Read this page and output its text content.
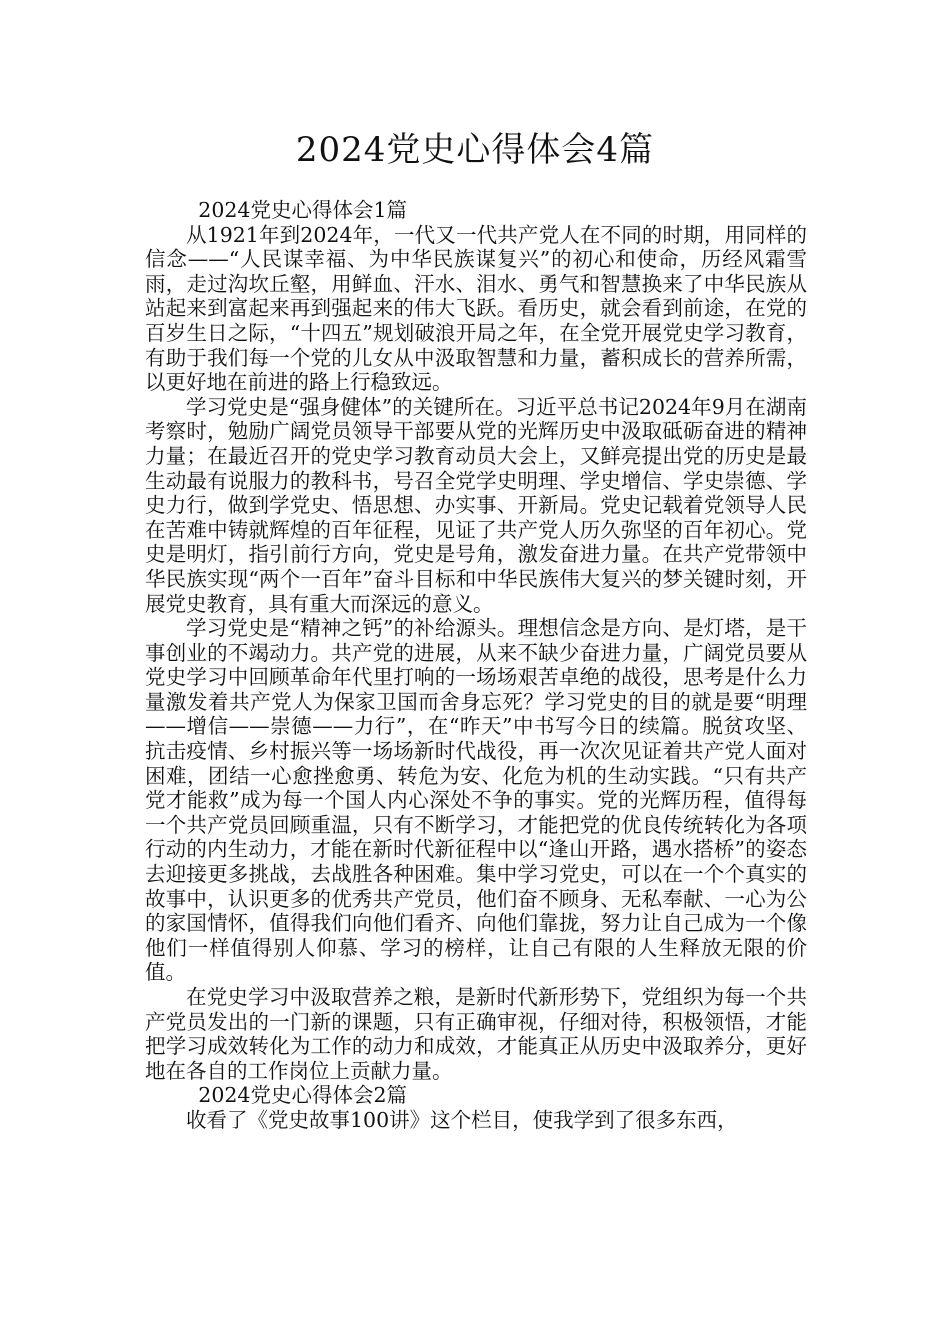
2024党史心得体会4篇

2024党史心得体会1篇

从1921年到2024年，一代又一代共产党人在不同的时期，用同样的信念——“人民谋幸福、为中华民族谋复兴”的初心和使命，历经风霜雪雨，走过沟坎丘壑，用鲜血、汗水、泪水、勇气和智慧换来了中华民族从站起来到富起来再到强起来的伟大飞跃。看历史，就会看到前途，在党的百岁生日之际，“十四五”规划破浪开局之年，在全党开展党史学习教育，有助于我们每一个党的儿女从中汲取智慧和力量，蓄积成长的营养所需，以更好地在前进的路上行稳致远。

学习党史是“强身健体”的关键所在。习近平总书记2024年9月在湖南考察时，勉励广阔党员领导干部要从党的光辉历史中汲取砥砺奋进的精神力量；在最近召开的党史学习教育动员大会上，又鲜亮提出党的历史是最生动最有说服力的教科书，号召全党学史明理、学史增信、学史崇德、学史力行，做到学党史、悟思想、办实事、开新局。党史记载着党领导人民在苦难中铸就辉煌的百年征程，见证了共产党人历久弥坚的百年初心。党史是明灯，指引前行方向，党史是号角，激发奋进力量。在共产党带领中华民族实现“两个一百年”奋斗目标和中华民族伟大复兴的梦关键时刻，开展党史教育，具有重大而深远的意义。

学习党史是“精神之钙”的补给源头。理想信念是方向、是灯塔，是干事创业的不竭动力。共产党的进展，从来不缺少奋进力量，广阔党员要从党史学习中回顾革命年代里打响的一场场艰苦卓绝的战役，思考是什么力量激发着共产党人为保家卫国而舍身忘死？学习党史的目的就是要“明理——增信——崇德——力行”，在“昨天”中书写今日的续篇。脱贫攻坚、抗击疫情、乡村振兴等一场场新时代战役，再一次次见证着共产党人面对困难，团结一心愈挫愈勇、转危为安、化危为机的生动实践。“只有共产党才能救”成为每一个国人内心深处不争的事实。党的光辉历程，值得每一个共产党员回顾重温，只有不断学习，才能把党的优良传统转化为各项行动的内生动力，才能在新时代新征程中以“逢山开路，遇水搭桥”的姿态去迎接更多挑战，去战胜各种困难。集中学习党史，可以在一个个真实的故事中，认识更多的优秀共产党员，他们奋不顾身、无私奉献、一心为公的家国情怀，值得我们向他们看齐、向他们靠拢，努力让自己成为一个像他们一样值得别人仰慕、学习的榜样，让自己有限的人生释放无限的价值。

在党史学习中汲取营养之粮，是新时代新形势下，党组织为每一个共产党员发出的一门新的课题，只有正确审视，仔细对待，积极领悟，才能把学习成效转化为工作的动力和成效，才能真正从历史中汲取养分，更好地在各自的工作岗位上贡献力量。

2024党史心得体会2篇

收看了《党史故事100讲》这个栏目，使我学到了很多东西，
